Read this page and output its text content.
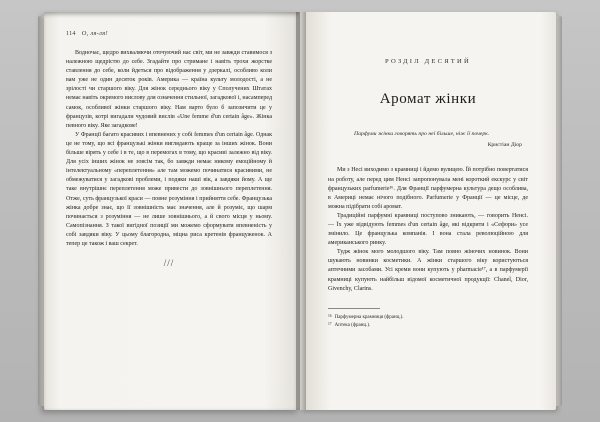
114 О, ля-ля!

Водночас, щедро вихваляючи оточуючий нас світ, ми не завжди ставимося з належною щедрістю до себе. Згадайте про стримане і навіть трохи жорстке ставлення до себе, коли йдеться про відображення у дзеркалі, особливо коли вам уже не один десяток років. Америка — країна культу молодості, а не зрілості чи старшого віку. Для жінок середнього віку у Сполучених Штатах немає навіть окремого вислову для означення стильної, загадкової і, насамперед самок, особливої жінки старшого віку. Нам варто було б запозичити це у французів, котрі вигадали чудовий вислів «Une femme d'un certain âge». Жінка певного віку. Яке загадкове!

У Франції багато красивих і впевнених у собі femmes d'un certain âge. Однак це не тому, що всі французькі жінки виглядають краще за інших жінок. Вони більше вірять у себе і в те, що в перемогах в тому, що красиві залежно від віку. Для усіх інших жінок не зовсім так, бо завжди немає никому емоційному й інтелектуальному «переплетення» але там можемо починатися красивими, не обмежуватися у загадкові проблеми, і подяки наші вік, а завдяки йому. А ще таке внутрішнє переплетення може привести до зовнішнього переплетення. Отже, суть французької краси — повне розуміння і прийняття себе. Французька жінка добре знає, що її зовнішність має значення, але й розуміє, що шарм починається з розуміння — не лише зовнішнього, а й свого місця у ньому. Самопізнання. З такої вигідної позиції ми можемо сформувати впевненість у собі завдяки віку. У цьому благородна, міцна риса кретенів француженок. А тепер це також і ваш секрет.

///
РОЗДІЛ ДЕСЯТИЙ
Аромат жінки
Парфуми жінки говорять про неї більше, ніж її почерк.
Кристіан Діор

Ми з Несі виходимо з крамниці і йдемо вулицею. Їй потрібно повертатися на роботу, але перед цим Ненсі запропонувала мені короткий екскурс у світ французьких parfumerie¹⁶. Для Франції парфумерна культура дещо особлива, в Америці немає нічого подібного. Parfumerie у Франції — це місце, де можна підібрати собі аромат.

Традиційні парфумні крамниці поступово зникають, — говорить Ненсі. — Їх уже відвідують femmes d'un certain âge, які відкрити і «Сефори» усе змінило. Це французька компанія. І вона стала революційною для американського ринку.

Тудж жінок мого молодшого віку. Там повно жіночих новинок. Вони шукають новинки косметики. А жінки старшого віку користуються аптечними засобами. Усі креми вони купують у pharmacie¹⁷, а в парфумерії крамниці купують найбільш відомої косметичної продукції: Chanel, Dior, Givenchy, Clarins.

16 Парфумерна крамниця (франц.).
17 Аптека (франц.).
